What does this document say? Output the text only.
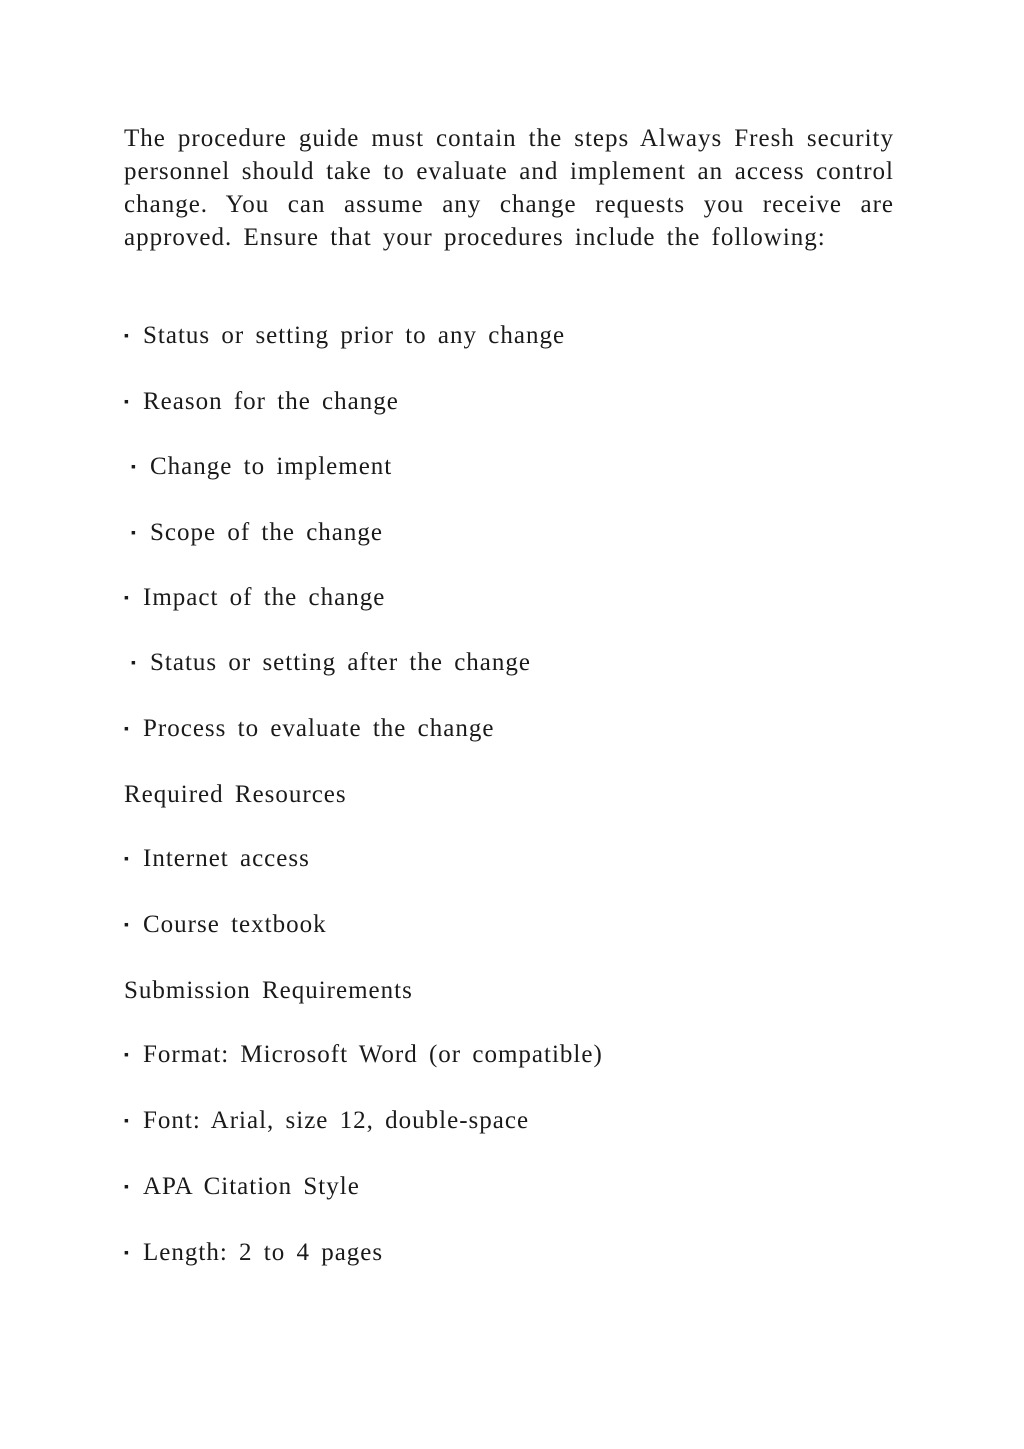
The procedure guide must contain the steps Always Fresh security personnel should take to evaluate and implement an access control change. You can assume any change requests you receive are approved. Ensure that your procedures include the following:

▪ Status or setting prior to any change

▪ Reason for the change

▪ Change to implement

▪ Scope of the change

▪ Impact of the change

▪ Status or setting after the change

▪ Process to evaluate the change

Required Resources

▪ Internet access

▪ Course textbook

Submission Requirements

▪ Format: Microsoft Word (or compatible)

▪ Font: Arial, size 12, double-space

▪ APA Citation Style

▪ Length: 2 to 4 pages
